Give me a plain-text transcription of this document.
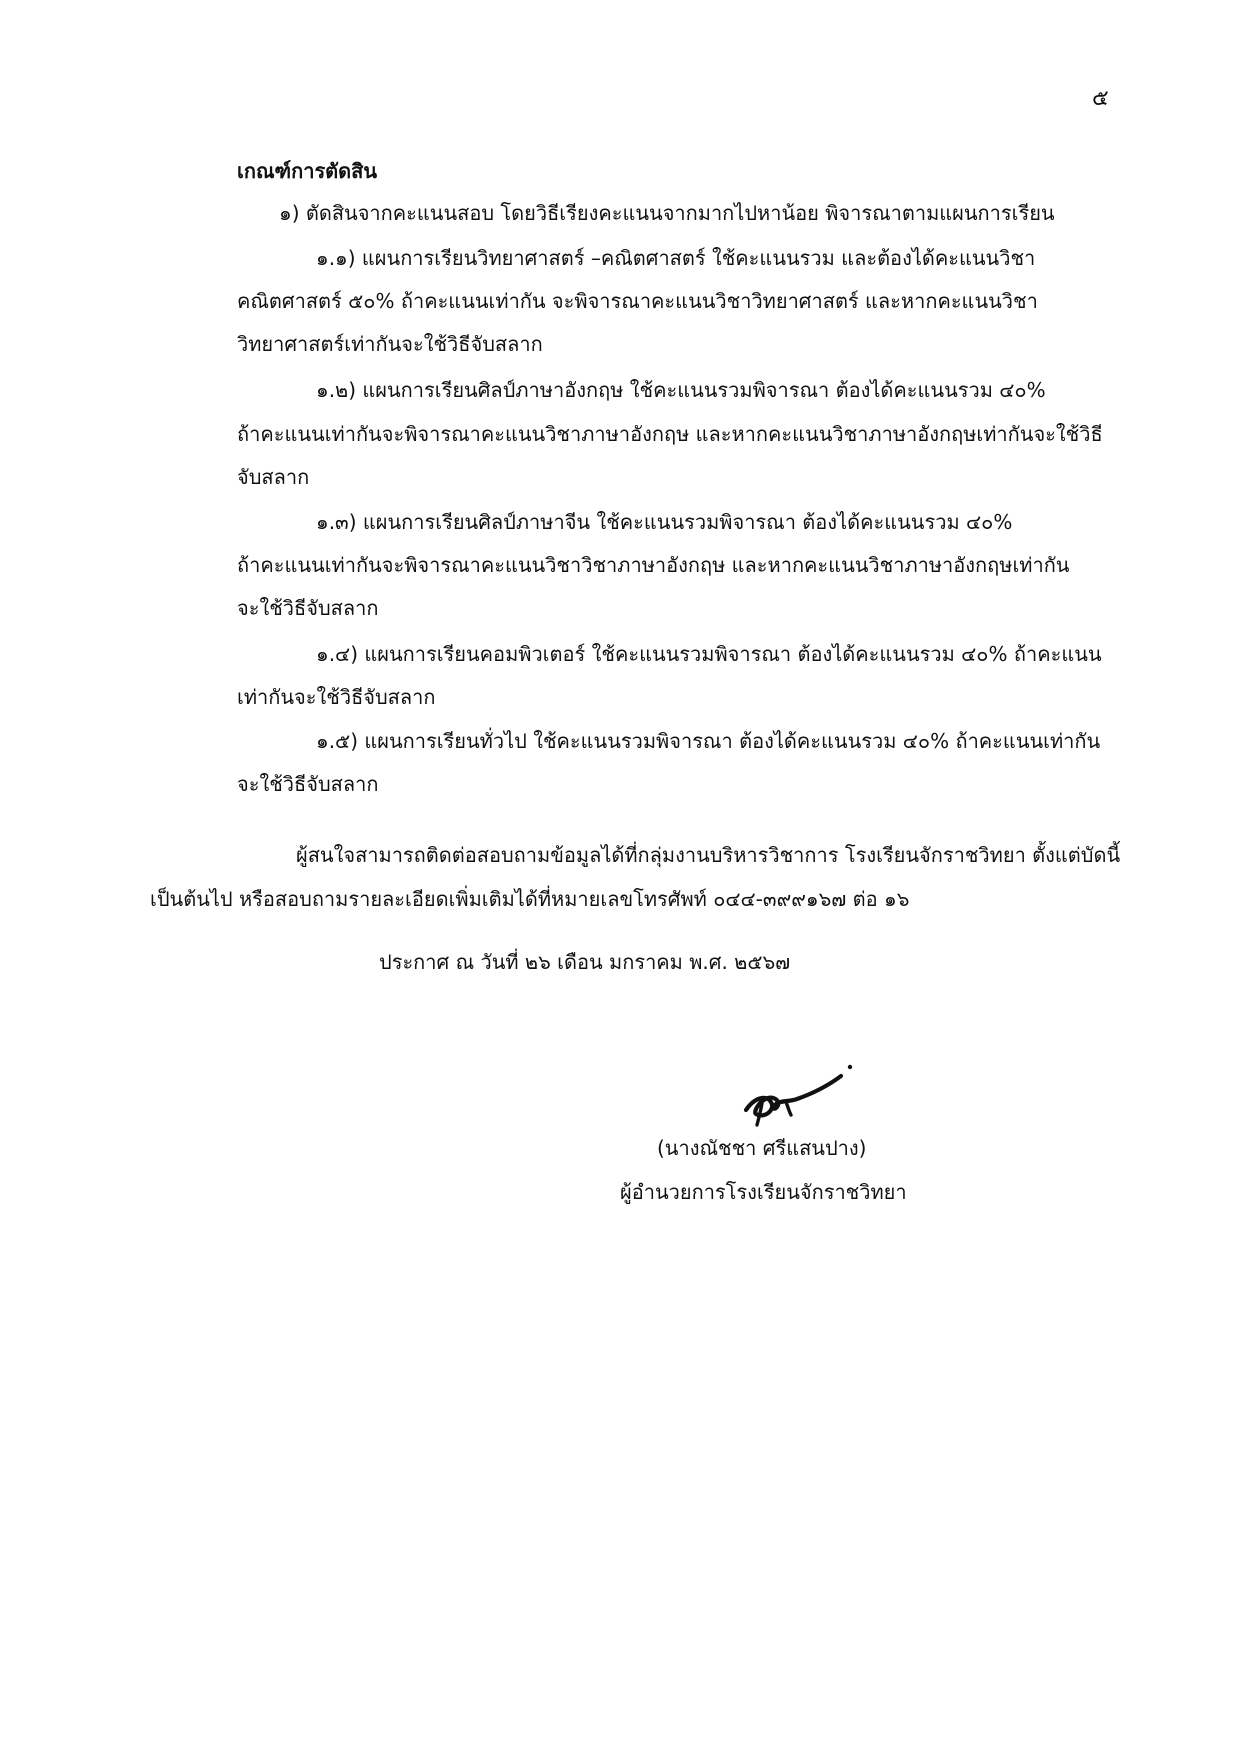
๕
เกณฑ์การตัดสิน
๑) ตัดสินจากคะแนนสอบ โดยวิธีเรียงคะแนนจากมากไปหาน้อย พิจารณาตามแผนการเรียน
๑.๑) แผนการเรียนวิทยาศาสตร์ –คณิตศาสตร์ ใช้คะแนนรวม และต้องได้คะแนนวิชา
คณิตศาสตร์ ๕๐% ถ้าคะแนนเท่ากัน จะพิจารณาคะแนนวิชาวิทยาศาสตร์ และหากคะแนนวิชา
วิทยาศาสตร์เท่ากันจะใช้วิธีจับสลาก
๑.๒) แผนการเรียนศิลป์ภาษาอังกฤษ ใช้คะแนนรวมพิจารณา ต้องได้คะแนนรวม ๔๐%
ถ้าคะแนนเท่ากันจะพิจารณาคะแนนวิชาภาษาอังกฤษ และหากคะแนนวิชาภาษาอังกฤษเท่ากันจะใช้วิธี
จับสลาก
๑.๓) แผนการเรียนศิลป์ภาษาจีน ใช้คะแนนรวมพิจารณา ต้องได้คะแนนรวม ๔๐%
ถ้าคะแนนเท่ากันจะพิจารณาคะแนนวิชาวิชาภาษาอังกฤษ และหากคะแนนวิชาภาษาอังกฤษเท่ากัน
จะใช้วิธีจับสลาก
๑.๔) แผนการเรียนคอมพิวเตอร์ ใช้คะแนนรวมพิจารณา ต้องได้คะแนนรวม ๔๐% ถ้าคะแนน
เท่ากันจะใช้วิธีจับสลาก
๑.๕) แผนการเรียนทั่วไป ใช้คะแนนรวมพิจารณา ต้องได้คะแนนรวม ๔๐% ถ้าคะแนนเท่ากัน
จะใช้วิธีจับสลาก
ผู้สนใจสามารถติดต่อสอบถามข้อมูลได้ที่กลุ่มงานบริหารวิชาการ โรงเรียนจักราชวิทยา ตั้งแต่บัดนี้
เป็นต้นไป หรือสอบถามรายละเอียดเพิ่มเติมได้ที่หมายเลขโทรศัพท์ ๐๔๔-๓๙๙๑๖๗ ต่อ ๑๖
ประกาศ ณ วันที่ ๒๖ เดือน มกราคม พ.ศ. ๒๕๖๗
(นางณัชชา ศรีแสนปาง)
ผู้อำนวยการโรงเรียนจักราชวิทยา
